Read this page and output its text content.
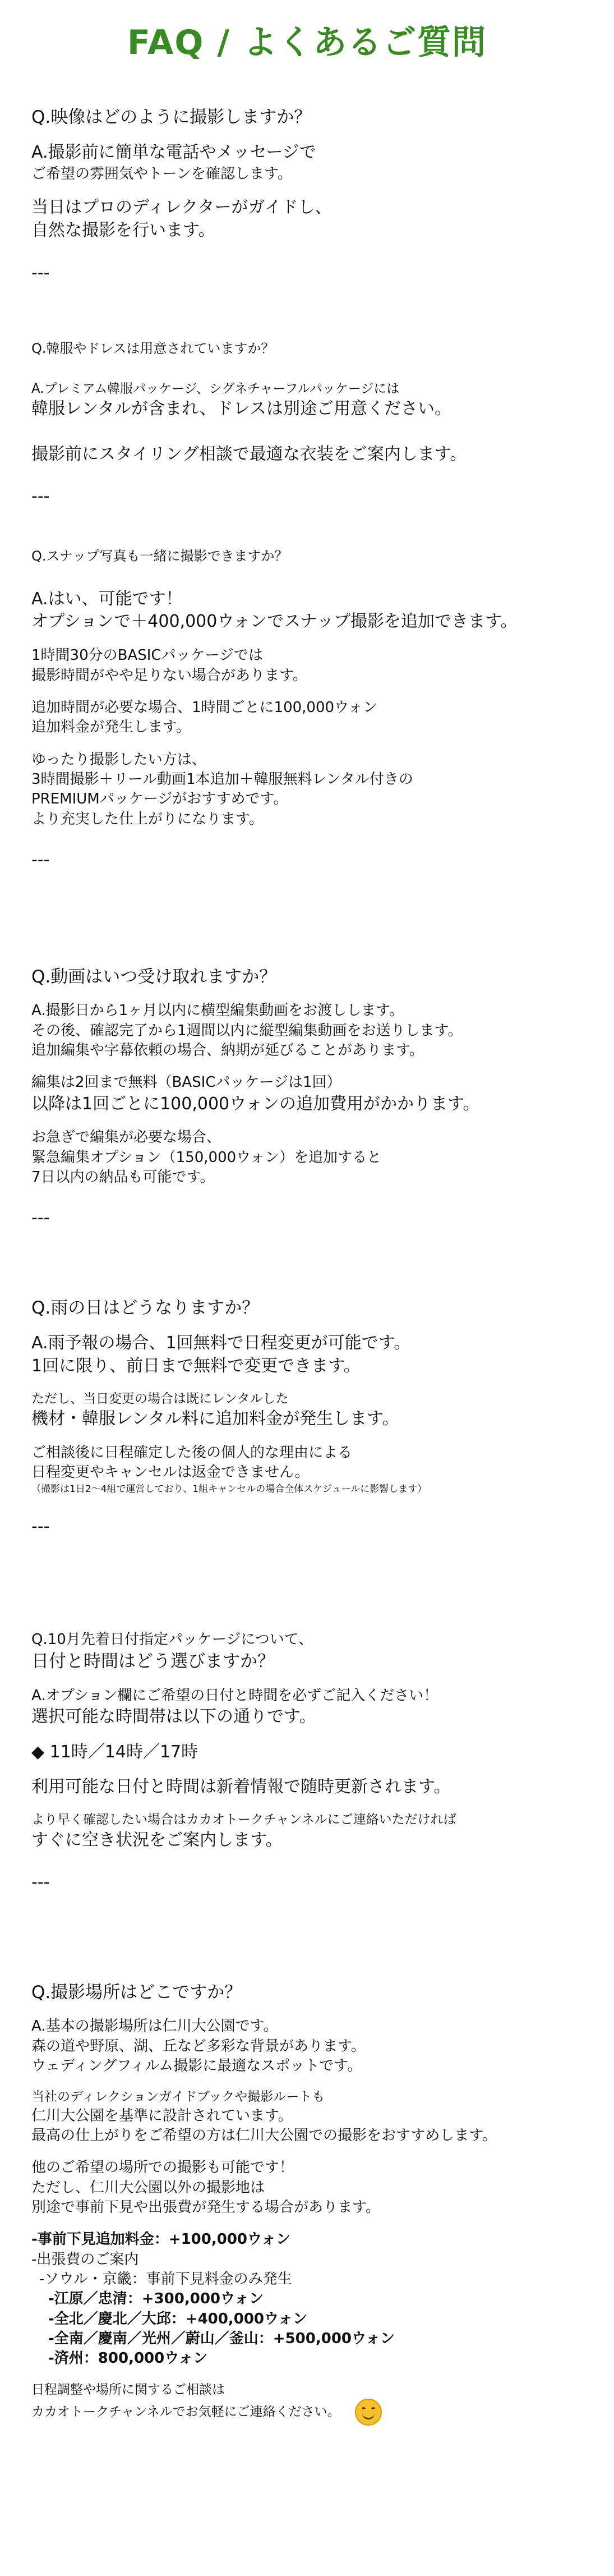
FAQ / よくあるご質問
Q.映像はどのように撮影しますか？
A.撮影前に簡単な電話やメッセージで
ご希望の雰囲気やトーンを確認します。
当日はプロのディレクターがガイドし、
自然な撮影を行います。
---
Q.韓服やドレスは用意されていますか？
A.プレミアム韓服パッケージ、シグネチャーフルパッケージには
韓服レンタルが含まれ、ドレスは別途ご用意ください。
撮影前にスタイリング相談で最適な衣装をご案内します。
---
Q.スナップ写真も一緒に撮影できますか？
A.はい、可能です！
オプションで＋400,000ウォンでスナップ撮影を追加できます。
1時間30分のBASICパッケージでは
撮影時間がやや足りない場合があります。
追加時間が必要な場合、1時間ごとに100,000ウォン
追加料金が発生します。
ゆったり撮影したい方は、
3時間撮影＋リール動画1本追加＋韓服無料レンタル付きの
PREMIUMパッケージがおすすめです。
より充実した仕上がりになります。
---
Q.動画はいつ受け取れますか？
A.撮影日から1ヶ月以内に横型編集動画をお渡しします。
その後、確認完了から1週間以内に縦型編集動画をお送りします。
追加編集や字幕依頼の場合、納期が延びることがあります。
編集は2回まで無料（BASICパッケージは1回）
以降は1回ごとに100,000ウォンの追加費用がかかります。
お急ぎで編集が必要な場合、
緊急編集オプション（150,000ウォン）を追加すると
7日以内の納品も可能です。
---
Q.雨の日はどうなりますか？
A.雨予報の場合、1回無料で日程変更が可能です。
1回に限り、前日まで無料で変更できます。
ただし、当日変更の場合は既にレンタルした
機材・韓服レンタル料に追加料金が発生します。
ご相談後に日程確定した後の個人的な理由による
日程変更やキャンセルは返金できません。
（撮影は1日2〜4組で運営しており、1組キャンセルの場合全体スケジュールに影響します）
---
Q.10月先着日付指定パッケージについて、
日付と時間はどう選びますか？
A.オプション欄にご希望の日付と時間を必ずご記入ください！
選択可能な時間帯は以下の通りです。
◆ 11時／14時／17時
利用可能な日付と時間は新着情報で随時更新されます。
より早く確認したい場合はカカオトークチャンネルにご連絡いただければ
すぐに空き状況をご案内します。
---
Q.撮影場所はどこですか？
A.基本の撮影場所は仁川大公園です。
森の道や野原、湖、丘など多彩な背景があります。
ウェディングフィルム撮影に最適なスポットです。
当社のディレクションガイドブックや撮影ルートも
仁川大公園を基準に設計されています。
最高の仕上がりをご希望の方は仁川大公園での撮影をおすすめします。
他のご希望の場所での撮影も可能です！
ただし、仁川大公園以外の撮影地は
別途で事前下見や出張費が発生する場合があります。
-事前下見追加料金：+100,000ウォン
-出張費のご案内
-ソウル・京畿：事前下見料金のみ発生
-江原／忠清：+300,000ウォン
-全北／慶北／大邱：+400,000ウォン
-全南／慶南／光州／蔚山／釜山：+500,000ウォン
-済州：800,000ウォン
日程調整や場所に関するご相談は
カカオトークチャンネルでお気軽にご連絡ください。
